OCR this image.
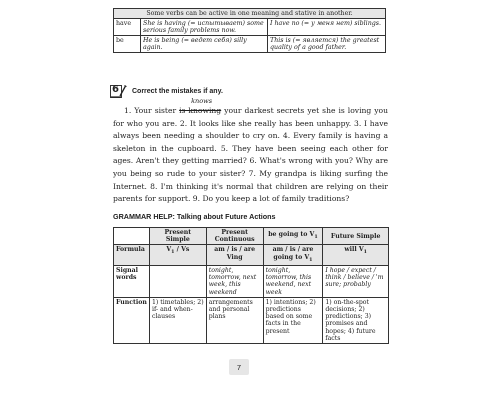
Some verbs can be active in one meaning and stative in another.		
have	She is having (= испытывает) some serious family problems now.	I have no (= у меня нет) siblings.
be	He is being (= ведет себя) silly again.	This is (= является) the greatest quality of a good father.
6 Correct the mistakes if any.

1. Your sister
knows
is knowing your darkest secrets yet she is loving you for who you are. 2. It looks like she really has been unhappy. 3. I have always been needing a shoulder to cry on. 4. Every family is having a skeleton in the cupboard. 5. They have been seeing each other for ages. Aren't they getting married? 6. What's wrong with you? Why are you being so rude to your sister? 7. My grandpa is liking surfing the Internet. 8. I'm thinking it's normal that children are relying on their parents for support. 9. Do you keep a lot of family traditions?

GRAMMAR HELP: Talking about Future Actions
	Present Simple	Present Continuous	be going to $V_1$	Future Simple
Formula	$V_1$ / Vs	am / is / are Ving	am / is / are going to $V_1$	will $V_1$
Signal words		tonight, tomorrow, next week, this weekend	tonight, tomorrow, this weekend, next week	I hope / expect / think / believe / 'm sure; probably
Function	1) timetables; 2) if- and when-clauses	arrangements and personal plans	1) intentions; 2) predictions based on some facts in the present	1) on-the-spot decisions; 2) predictions; 3) promises and hopes; 4) future facts
7
